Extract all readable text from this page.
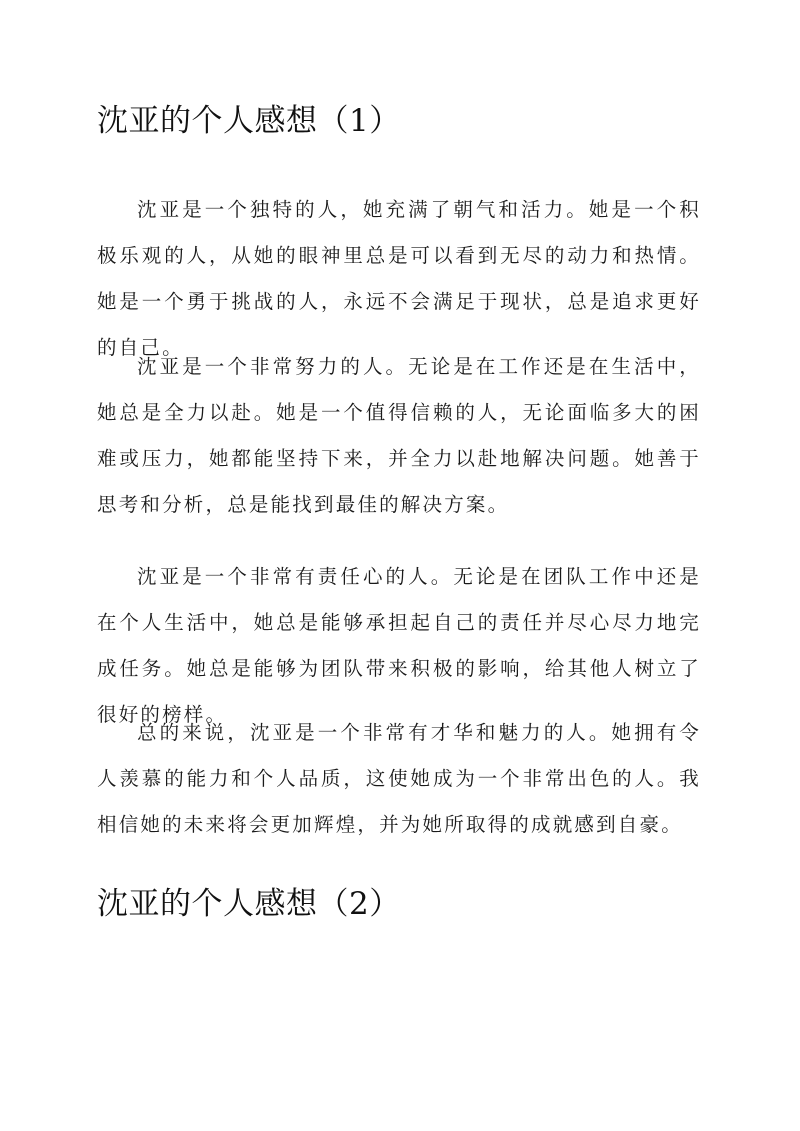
沈亚的个人感想（1）

沈亚是一个独特的人，她充满了朝气和活力。她是一个积极乐观的人，从她的眼神里总是可以看到无尽的动力和热情。她是一个勇于挑战的人，永远不会满足于现状，总是追求更好的自己。

沈亚是一个非常努力的人。无论是在工作还是在生活中，她总是全力以赴。她是一个值得信赖的人，无论面临多大的困难或压力，她都能坚持下来，并全力以赴地解决问题。她善于思考和分析，总是能找到最佳的解决方案。

沈亚是一个非常有责任心的人。无论是在团队工作中还是在个人生活中，她总是能够承担起自己的责任并尽心尽力地完成任务。她总是能够为团队带来积极的影响，给其他人树立了很好的榜样。

总的来说，沈亚是一个非常有才华和魅力的人。她拥有令人羡慕的能力和个人品质，这使她成为一个非常出色的人。我相信她的未来将会更加辉煌，并为她所取得的成就感到自豪。

沈亚的个人感想（2）
